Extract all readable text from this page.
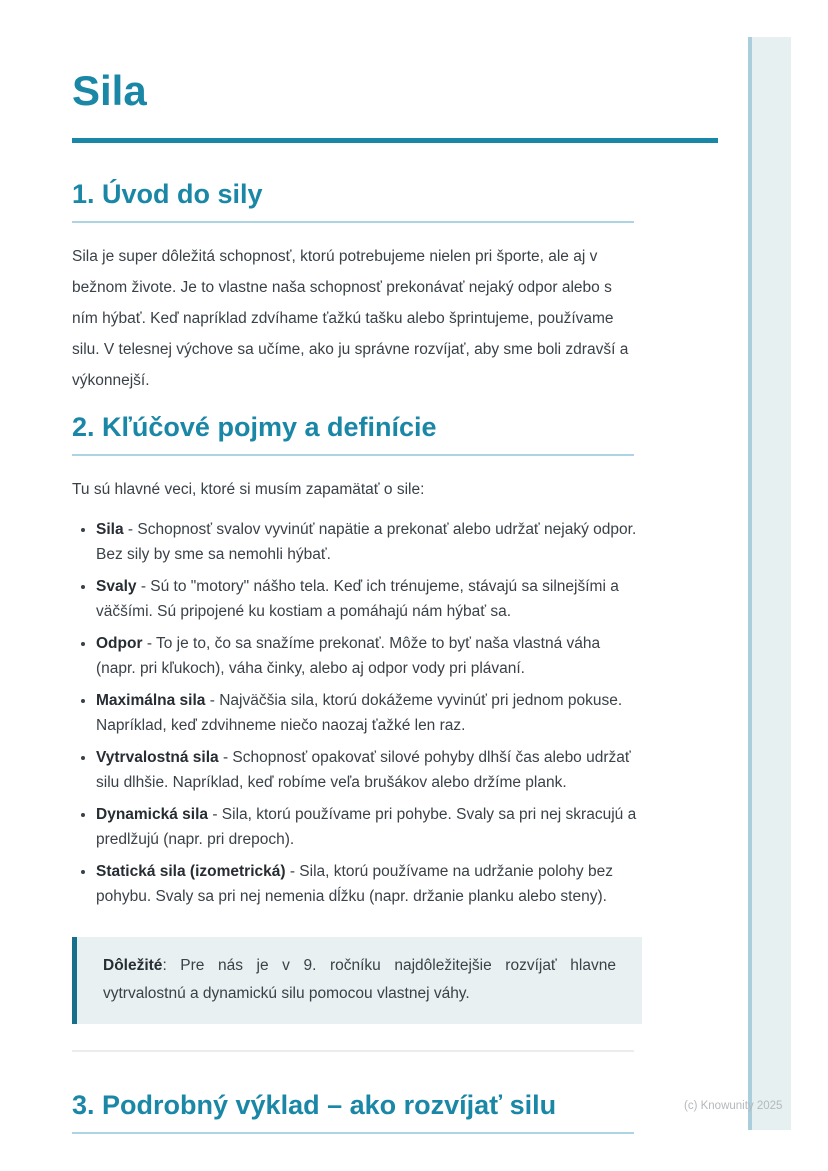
Sila
1. Úvod do sily

Sila je super dôležitá schopnosť, ktorú potrebujeme nielen pri športe, ale aj v bežnom živote. Je to vlastne naša schopnosť prekonávať nejaký odpor alebo s ním hýbať. Keď napríklad zdvíhame ťažkú tašku alebo šprintujeme, používame silu. V telesnej výchove sa učíme, ako ju správne rozvíjať, aby sme boli zdravší a výkonnejší.

2. Kľúčové pojmy a definície

Tu sú hlavné veci, ktoré si musím zapamätať o sile:

• Sila - Schopnosť svalov vyvinúť napätie a prekonať alebo udržať nejaký odpor. Bez sily by sme sa nemohli hýbať.
• Svaly - Sú to "motory" nášho tela. Keď ich trénujeme, stávajú sa silnejšími a väčšími. Sú pripojené ku kostiam a pomáhajú nám hýbať sa.
• Odpor - To je to, čo sa snažíme prekonať. Môže to byť naša vlastná váha (napr. pri kľukoch), váha činky, alebo aj odpor vody pri plávaní.
• Maximálna sila - Najväčšia sila, ktorú dokážeme vyvinúť pri jednom pokuse. Napríklad, keď zdvihneme niečo naozaj ťažké len raz.
• Vytrvalostná sila - Schopnosť opakovať silové pohyby dlhší čas alebo udržať silu dlhšie. Napríklad, keď robíme veľa brušákov alebo držíme plank.
• Dynamická sila - Sila, ktorú používame pri pohybe. Svaly sa pri nej skracujú a predlžujú (napr. pri drepoch).
• Statická sila (izometrická) - Sila, ktorú používame na udržanie polohy bez pohybu. Svaly sa pri nej nemenia dĺžku (napr. držanie planku alebo steny).

Dôležité: Pre nás je v 9. ročníku najdôležitejšie rozvíjať hlavne vytrvalostnú a dynamickú silu pomocou vlastnej váhy.

3. Podrobný výklad – ako rozvíjať silu	(c) Knowunity 2025
